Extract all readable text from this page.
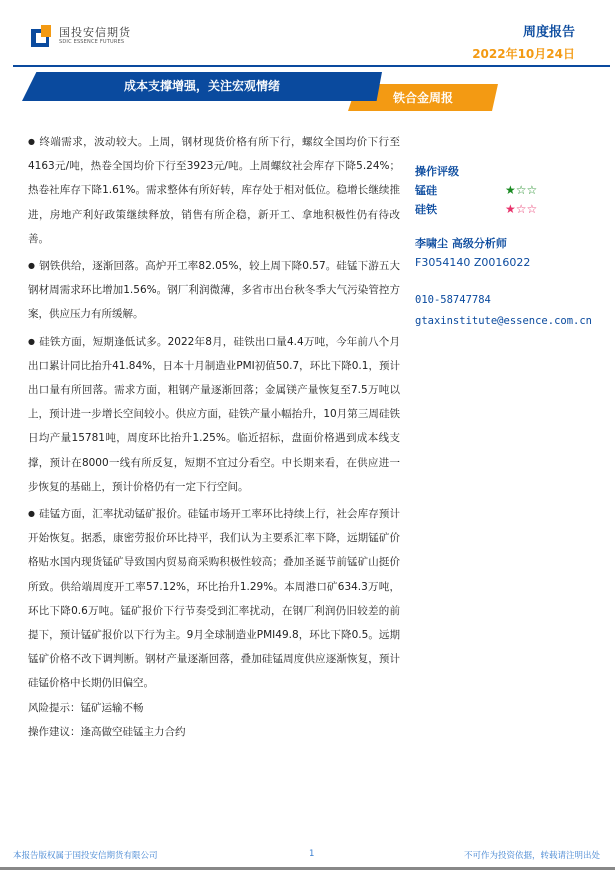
国投安信期货
SDIC ESSENCE FUTURES
周度报告
2022年10月24日
成本支撑增强，关注宏观情绪
铁合金周报

● 终端需求，波动较大。上周，钢材现货价格有所下行，螺纹全国均价下行至4163元/吨，热卷全国均价下行至3923元/吨。上周螺纹社会库存下降5.24%；热卷社库存下降1.61%。需求整体有所好转，库存处于相对低位。稳增长继续推进，房地产利好政策继续释放，销售有所企稳，新开工、拿地积极性仍有待改善。

● 钢铁供给，逐渐回落。高炉开工率82.05%，较上周下降0.57。硅锰下游五大钢材周需求环比增加1.56%。钢厂利润微薄，多省市出台秋冬季大气污染管控方案，供应压力有所缓解。

● 硅铁方面，短期逢低试多。2022年8月，硅铁出口量4.4万吨，今年前八个月出口累计同比抬升41.84%，日本十月制造业PMI初值50.7，环比下降0.1，预计出口量有所回落。需求方面，粗钢产量逐渐回落；金属镁产量恢复至7.5万吨以上，预计进一步增长空间较小。供应方面，硅铁产量小幅抬升，10月第三周硅铁日均产量15781吨，周度环比抬升1.25%。临近招标，盘面价格遇到成本线支撑，预计在8000一线有所反复，短期不宜过分看空。中长期来看，在供应进一步恢复的基础上，预计价格仍有一定下行空间。

● 硅锰方面，汇率扰动锰矿报价。硅锰市场开工率环比持续上行，社会库存预计开始恢复。据悉，康密劳报价环比持平，我们认为主要系汇率下降，远期锰矿价格贴水国内现货锰矿导致国内贸易商采购积极性较高；叠加圣诞节前锰矿山挺价所致。供给端周度开工率57.12%，环比抬升1.29%。本周港口矿634.3万吨，环比下降0.6万吨。锰矿报价下行节奏受到汇率扰动，在钢厂利润仍旧较差的前提下，预计锰矿报价以下行为主。9月全球制造业PMI49.8，环比下降0.5。远期锰矿价格不改下调判断。钢材产量逐渐回落，叠加硅锰周度供应逐渐恢复，预计硅锰价格中长期仍旧偏空。

风险提示：锰矿运输不畅

操作建议：逢高做空硅锰主力合约

操作评级
锰硅	★☆☆
硅铁	★☆☆
李啸尘 高级分析师
F3054140 Z0016022
010-58747784
gtaxinstitute@essence.com.cn
本报告版权属于国投安信期货有限公司	1	不可作为投资依据，转载请注明出处
